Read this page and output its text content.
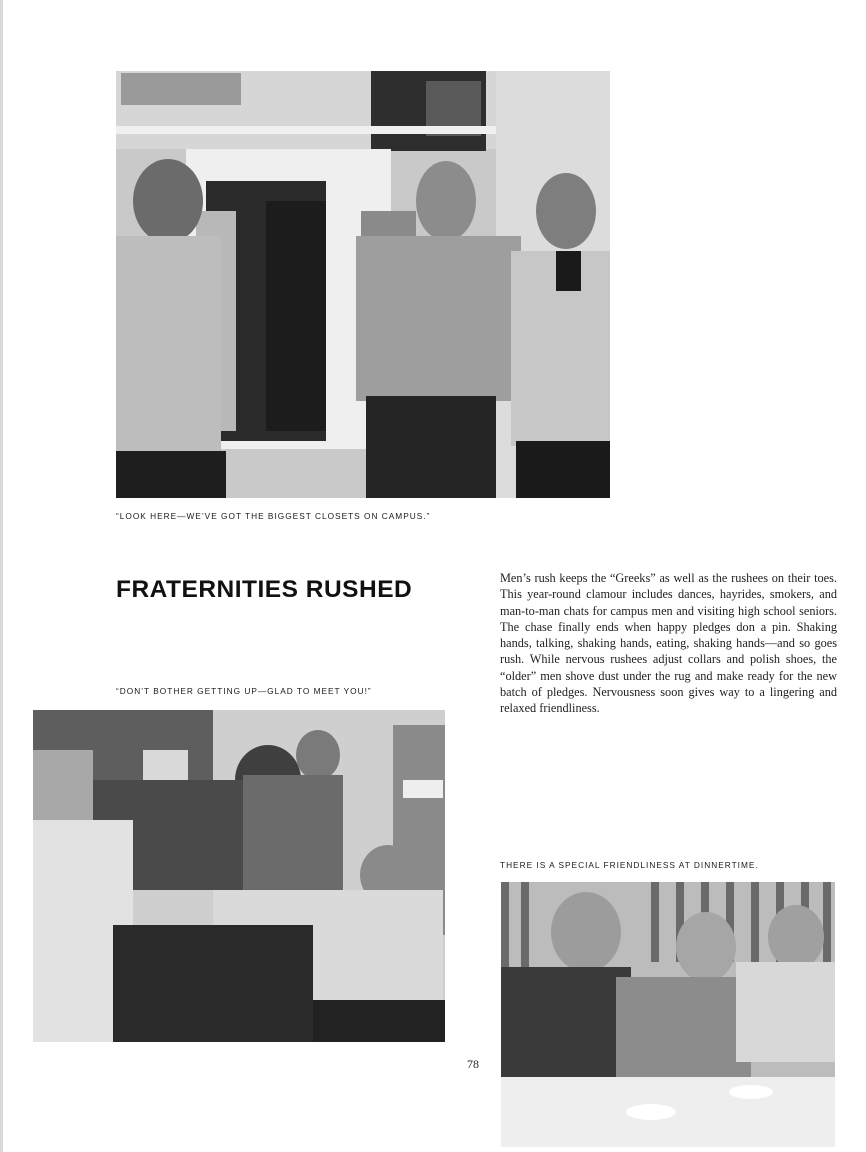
“LOOK HERE—WE’VE GOT THE BIGGEST CLOSETS ON CAMPUS.”
FRATERNITIES RUSHED	Men’s rush keeps the “Greeks” as well as the rushees on their toes. This year-round clamour includes dances, hayrides, smokers, and man-to-man chats for campus men and visiting high school seniors. The chase finally ends when happy pledges don a pin. Shaking hands, talking, shaking hands, eating, shaking hands—and so goes rush. While nervous rushees adjust collars and polish shoes, the “older” men shove dust under the rug and make ready for the new batch of pledges. Nervousness soon gives way to a lingering and relaxed friendliness.

“DON’T BOTHER GETTING UP—GLAD TO MEET YOU!”
THERE IS A SPECIAL FRIENDLINESS AT DINNERTIME.
78
